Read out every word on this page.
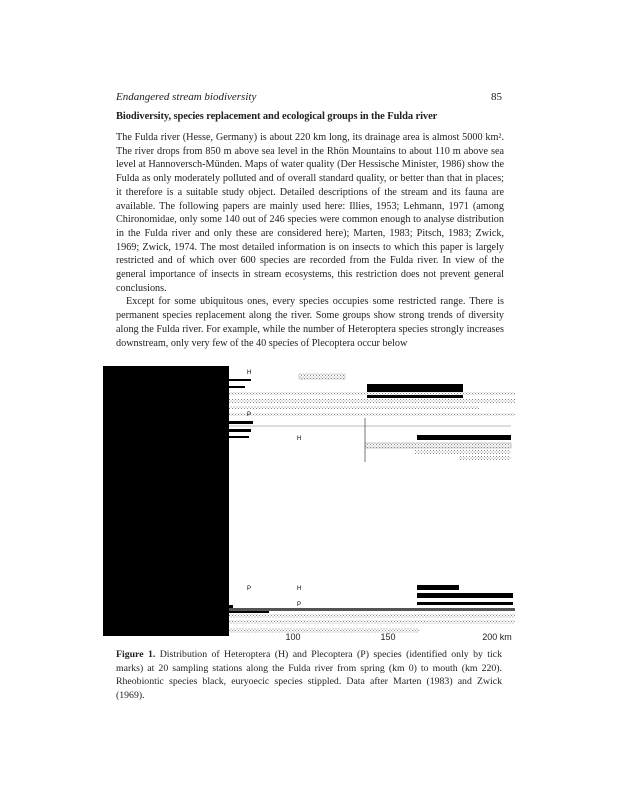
Endangered stream biodiversity	85
Biodiversity, species replacement and ecological groups in the Fulda river

The Fulda river (Hesse, Germany) is about 220 km long, its drainage area is almost 5000 km². The river drops from 850 m above sea level in the Rhön Mountains to about 110 m above sea level at Hannoversch-Münden. Maps of water quality (Der Hessische Minister, 1986) show the Fulda as only moderately polluted and of overall standard quality, or better than that in places; it therefore is a suitable study object. Detailed descriptions of the stream and its fauna are available. The following papers are mainly used here: Illies, 1953; Lehmann, 1971 (among Chironomidae, only some 140 out of 246 species were common enough to analyse distribution in the Fulda river and only these are considered here); Marten, 1983; Pitsch, 1983; Zwick, 1969; Zwick, 1974. The most detailed information is on insects to which this paper is largely restricted and of which over 600 species are recorded from the Fulda river. In view of the general importance of insects in stream ecosystems, this restriction does not prevent general conclusions.

Except for some ubiquitous ones, every species occupies some restricted range. There is permanent species replacement along the river. Some groups show strong trends of diversity along the Fulda river. For example, while the number of Heteroptera species strongly increases downstream, only very few of the 40 species of Plecoptera occur below

H
P
H
P	H
P
100	150	200 km
Figure 1. Distribution of Heteroptera (H) and Plecoptera (P) species (identified only by tick marks) at 20 sampling stations along the Fulda river from spring (km 0) to mouth (km 220). Rheobiontic species black, euryoecic species stippled. Data after Marten (1983) and Zwick (1969).
